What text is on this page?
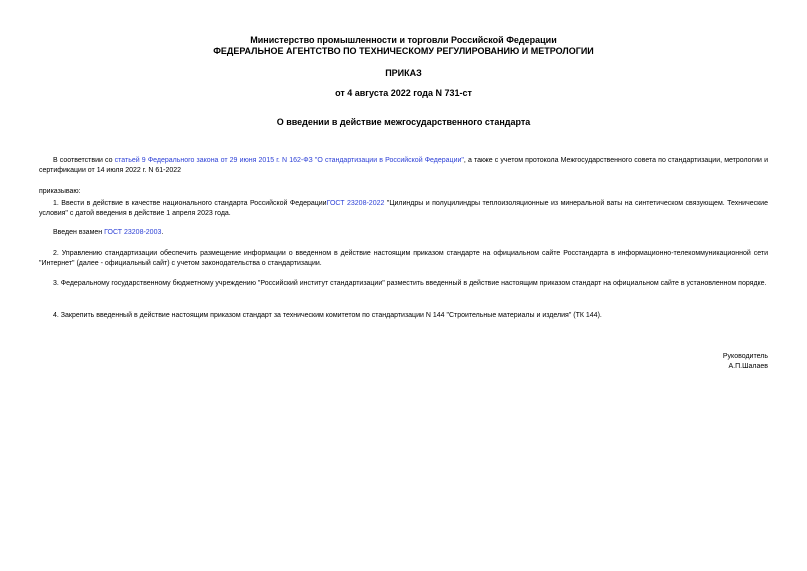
Министерство промышленности и торговли Российской Федерации
ФЕДЕРАЛЬНОЕ АГЕНТСТВО ПО ТЕХНИЧЕСКОМУ РЕГУЛИРОВАНИЮ И МЕТРОЛОГИИ
ПРИКАЗ
от 4 августа 2022 года N 731-ст
О введении в действие межгосударственного стандарта
В соответствии со статьей 9 Федерального закона от 29 июня 2015 г. N 162-ФЗ "О стандартизации в Российской Федерации", а также с учетом протокола Межгосударственного совета по стандартизации, метрологии и сертификации от 14 июля 2022 г. N 61-2022
приказываю:
1. Ввести в действие в качестве национального стандарта Российской ФедерацииГОСТ 23208-2022 "Цилиндры и полуцилиндры теплоизоляционные из минеральной ваты на синтетическом связующем. Технические условия" с датой введения в действие 1 апреля 2023 года.
Введен взамен ГОСТ 23208-2003.
2. Управлению стандартизации обеспечить размещение информации о введенном в действие настоящим приказом стандарте на официальном сайте Росстандарта в информационно-телекоммуникационной сети "Интернет" (далее - официальный сайт) с учетом законодательства о стандартизации.
3. Федеральному государственному бюджетному учреждению "Российский институт стандартизации" разместить введенный в действие настоящим приказом стандарт на официальном сайте в установленном порядке.
4. Закрепить введенный в действие настоящим приказом стандарт за техническим комитетом по стандартизации N 144 "Строительные материалы и изделия" (ТК 144).
Руководитель
А.П.Шалаев
